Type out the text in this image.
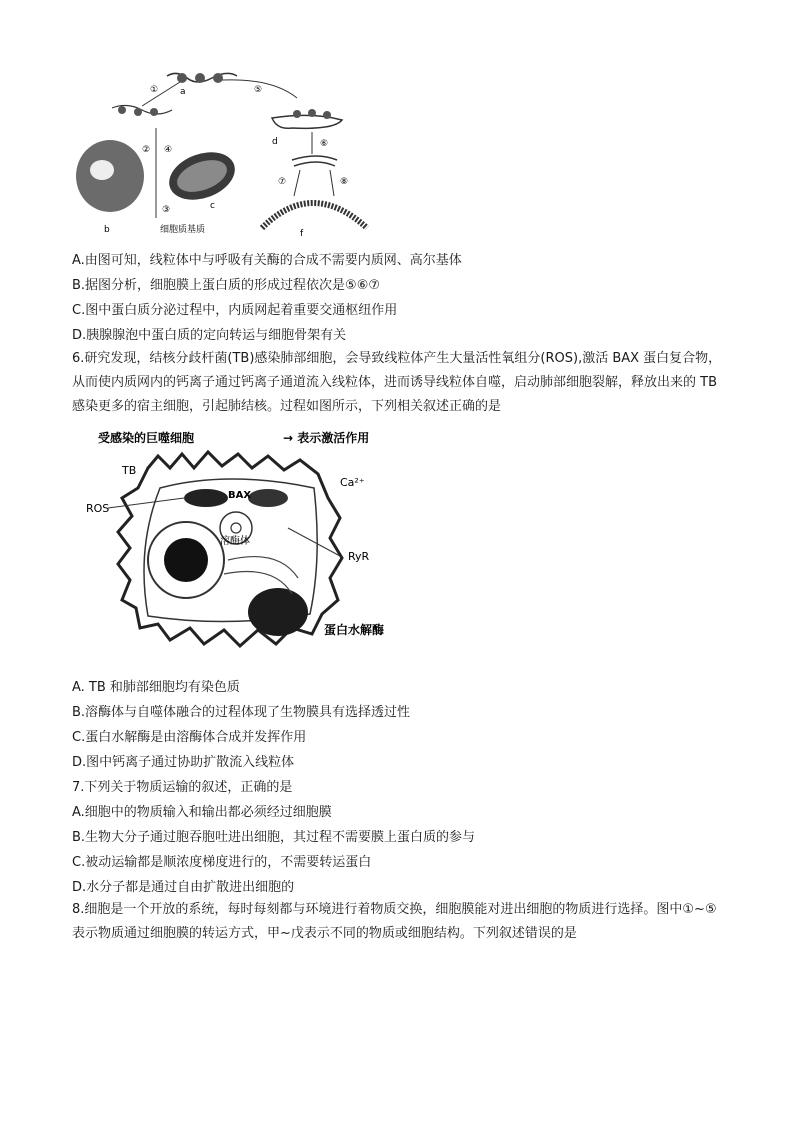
a
①	⑤
② ④
③
b
c
细胞质基质
d	⑥
⑦	⑧
f
A.由图可知，线粒体中与呼吸有关酶的合成不需要内质网、高尔基体
B.据图分析，细胞膜上蛋白质的形成过程依次是⑤⑥⑦
C.图中蛋白质分泌过程中，内质网起着重要交通枢纽作用
D.胰腺腺泡中蛋白质的定向转运与细胞骨架有关
6.研究发现，结核分歧杆菌(TB)感染肺部细胞，会导致线粒体产生大量活性氧组分(ROS),激活 BAX 蛋白复合物，从而使内质网内的钙离子通过钙离子通道流入线粒体，进而诱导线粒体自噬，启动肺部细胞裂解，释放出来的 TB 感染更多的宿主细胞，引起肺结核。过程如图所示，下列相关叙述正确的是
受感染的巨噬细胞	→ 表示激活作用
TB
ROS
BAX
Ca²⁺
溶酶体
RyR
蛋白水解酶
A. TB 和肺部细胞均有染色质
B.溶酶体与自噬体融合的过程体现了生物膜具有选择透过性
C.蛋白水解酶是由溶酶体合成并发挥作用
D.图中钙离子通过协助扩散流入线粒体
7.下列关于物质运输的叙述，正确的是
A.细胞中的物质输入和输出都必须经过细胞膜
B.生物大分子通过胞吞胞吐进出细胞，其过程不需要膜上蛋白质的参与
C.被动运输都是顺浓度梯度进行的，不需要转运蛋白
D.水分子都是通过自由扩散进出细胞的
8.细胞是一个开放的系统，每时每刻都与环境进行着物质交换，细胞膜能对进出细胞的物质进行选择。图中①~⑤表示物质通过细胞膜的转运方式，甲~戊表示不同的物质或细胞结构。下列叙述错误的是
